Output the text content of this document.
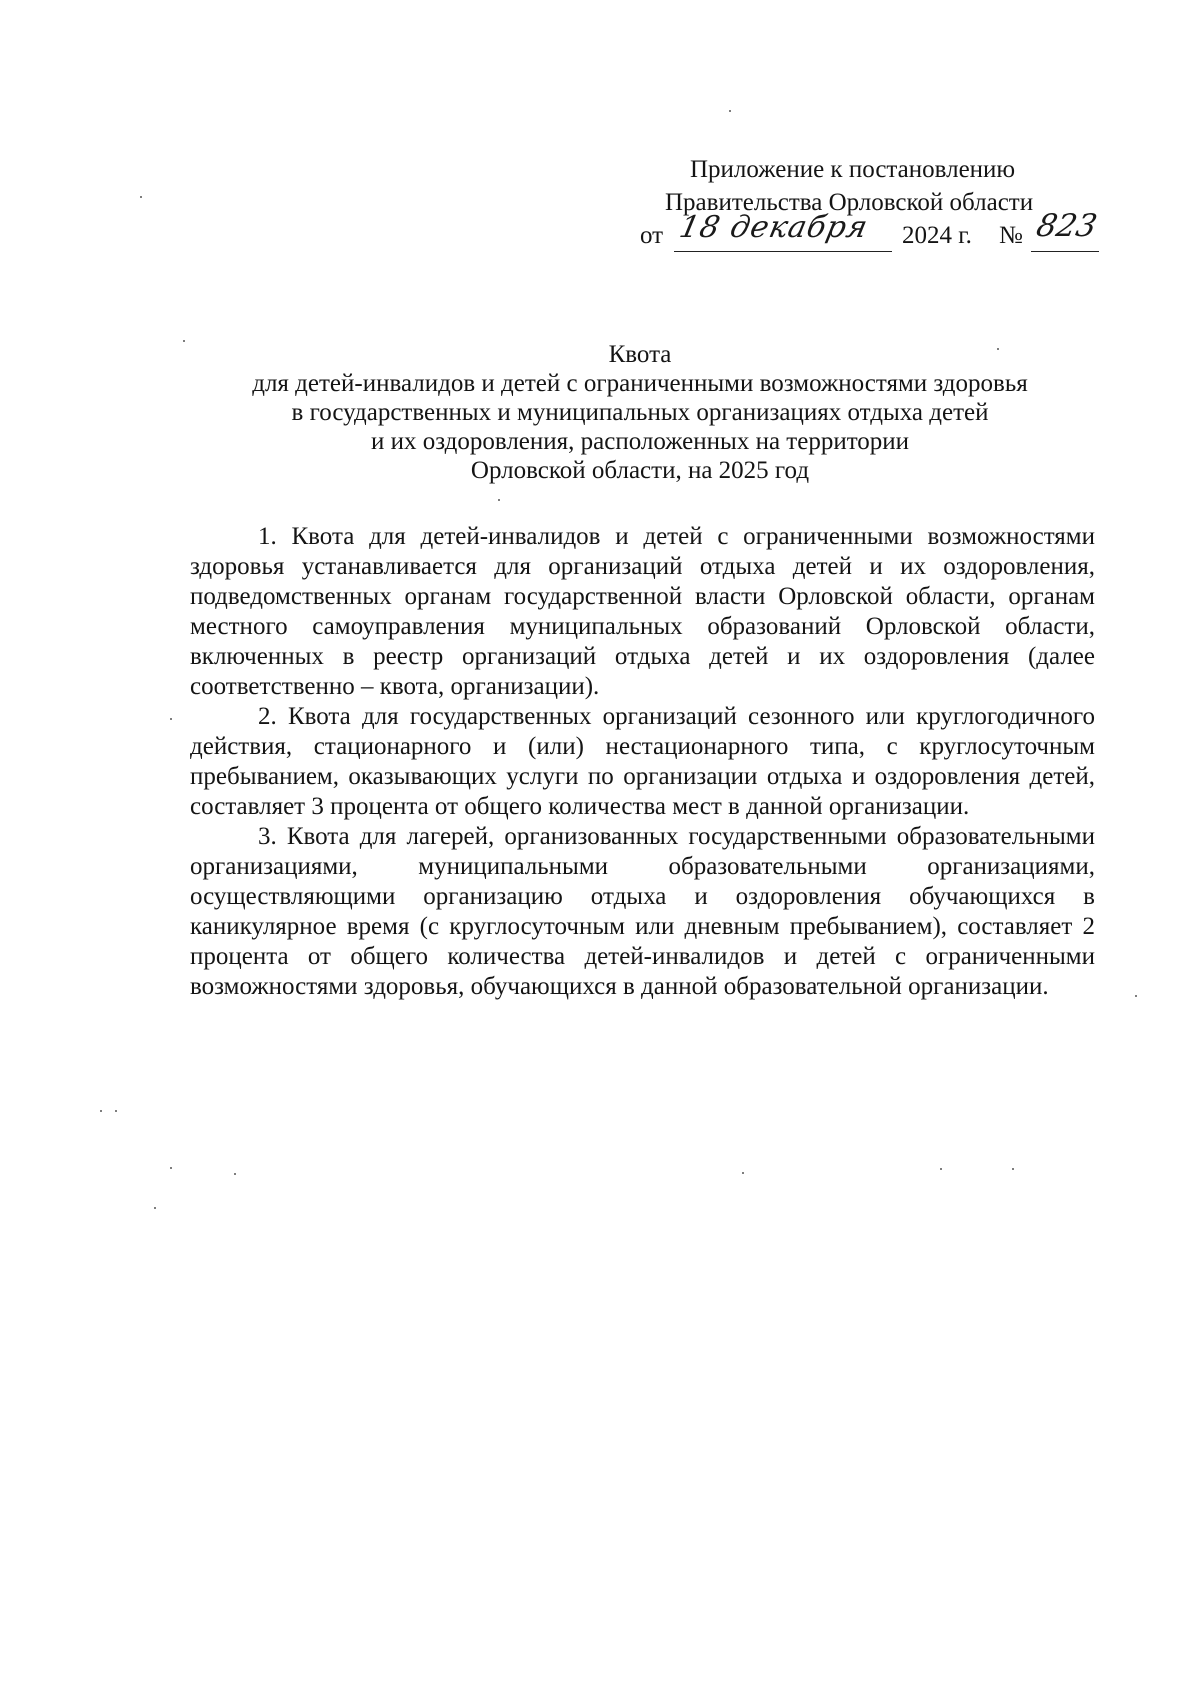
Приложение к постановлению
Правительства Орловской области
от 18 декабря 2024 г. № 823
Квота
для детей-инвалидов и детей с ограниченными возможностями здоровья
в государственных и муниципальных организациях отдыха детей
и их оздоровления, расположенных на территории
Орловской области, на 2025 год

1. Квота для детей-инвалидов и детей с ограниченными возможностями здоровья устанавливается для организаций отдыха детей и их оздоровления, подведомственных органам государственной власти Орловской области, органам местного самоуправления муниципальных образований Орловской области, включенных в реестр организаций отдыха детей и их оздоровления (далее соответственно – квота, организации).

2. Квота для государственных организаций сезонного или круглогодичного действия, стационарного и (или) нестационарного типа, с круглосуточным пребыванием, оказывающих услуги по организации отдыха и оздоровления детей, составляет 3 процента от общего количества мест в данной организации.

3. Квота для лагерей, организованных государственными образовательными организациями, муниципальными образовательными организациями, осуществляющими организацию отдыха и оздоровления обучающихся в каникулярное время (с круглосуточным или дневным пребыванием), составляет 2 процента от общего количества детей-инвалидов и детей с ограниченными возможностями здоровья, обучающихся в данной образовательной организации.
